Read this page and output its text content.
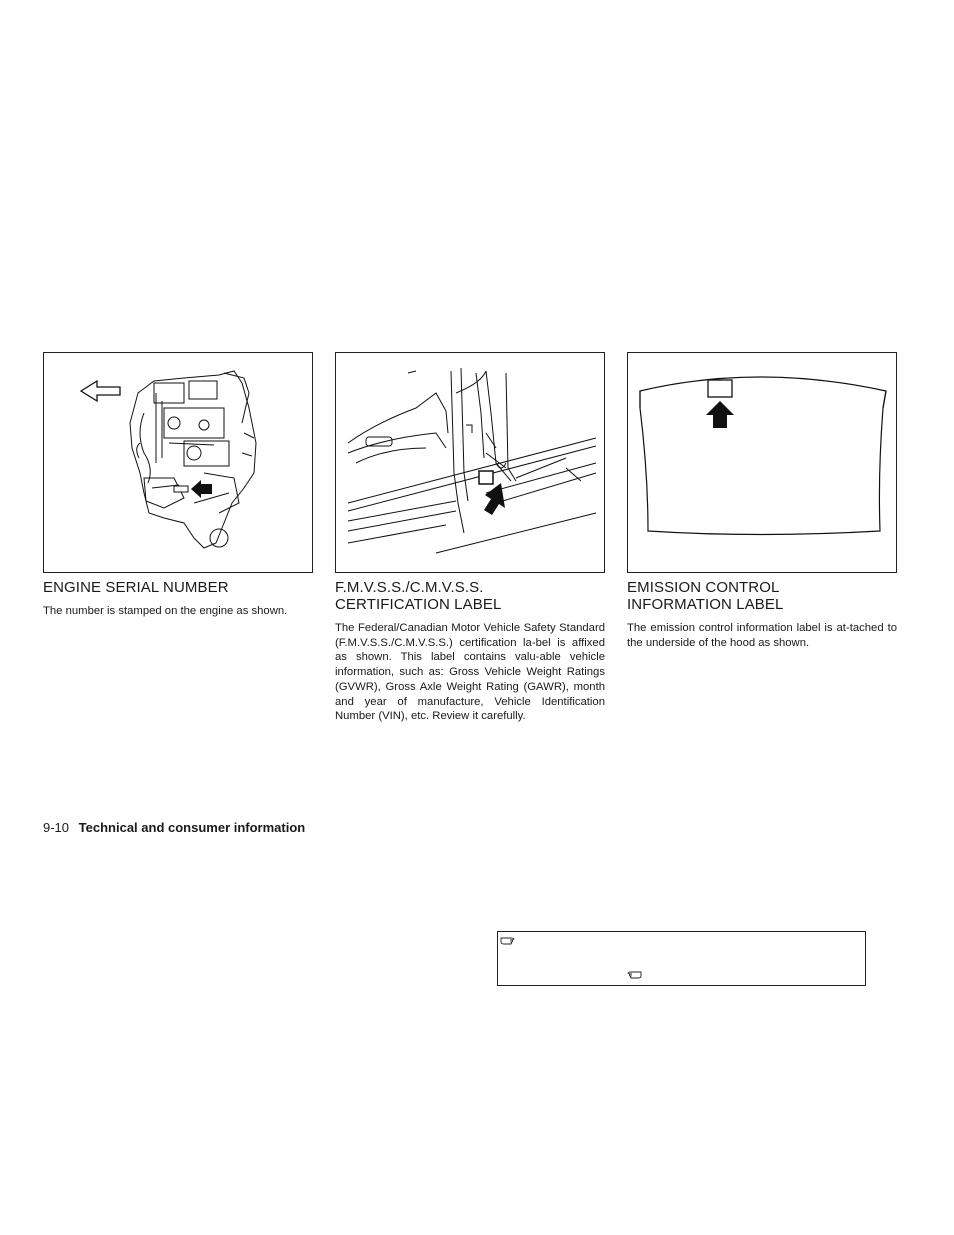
ENGINE SERIAL NUMBER
The number is stamped on the engine as shown.
F.M.V.S.S./C.M.V.S.S.
CERTIFICATION LABEL
The Federal/Canadian Motor Vehicle Safety Standard (F.M.V.S.S./C.M.V.S.S.) certification la-bel is affixed as shown. This label contains valu-able vehicle information, such as: Gross Vehicle Weight Ratings (GVWR), Gross Axle Weight Rating (GAWR), month and year of manufacture, Vehicle Identification Number (VIN), etc. Review it carefully.
EMISSION CONTROL
INFORMATION LABEL
The emission control information label is at-tached to the underside of the hood as shown.
9-10 Technical and consumer information
